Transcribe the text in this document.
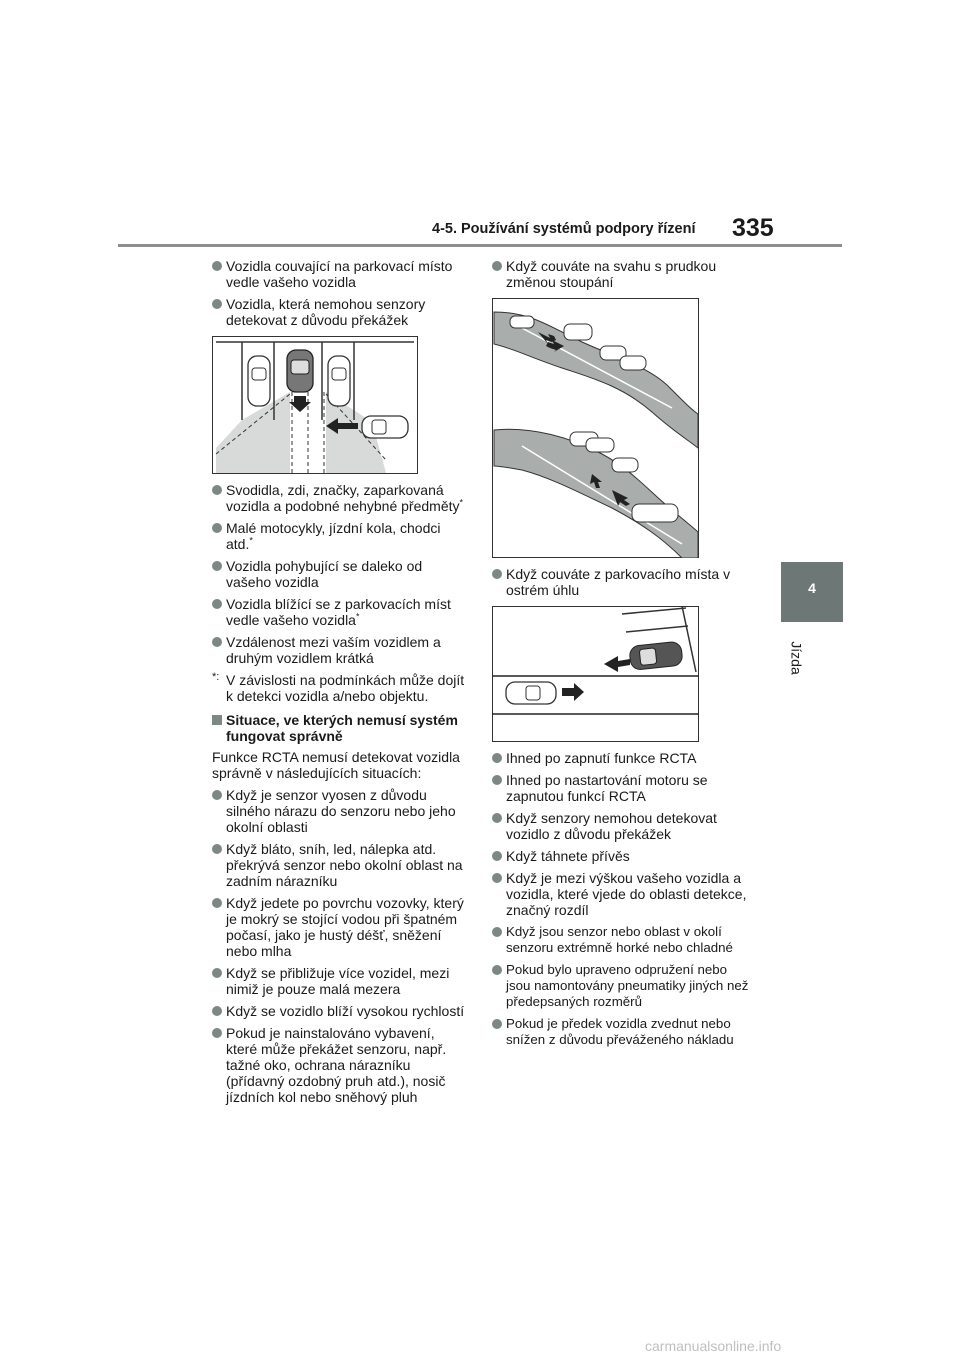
4-5. Používání systémů podpory řízení 335
4
Jízda
Vozidla couvající na parkovací místo vedle vašeho vozidla
Vozidla, která nemohou senzory detekovat z důvodu překážek
Svodidla, zdi, značky, zaparkovaná vozidla a podobné nehybné předměty*
Malé motocykly, jízdní kola, chodci atd.*
Vozidla pohybující se daleko od vašeho vozidla
Vozidla blížící se z parkovacích míst vedle vašeho vozidla*
Vzdálenost mezi vaším vozidlem a druhým vozidlem krátká
*: V závislosti na podmínkách může dojít k detekci vozidla a/nebo objektu.
Situace, ve kterých nemusí systém fungovat správně
Funkce RCTA nemusí detekovat vozidla správně v následujících situacích:
Když je senzor vyosen z důvodu silného nárazu do senzoru nebo jeho okolní oblasti
Když bláto, sníh, led, nálepka atd. překrývá senzor nebo okolní oblast na zadním nárazníku
Když jedete po povrchu vozovky, který je mokrý se stojící vodou při špatném počasí, jako je hustý déšť, sněžení nebo mlha
Když se přibližuje více vozidel, mezi nimiž je pouze malá mezera
Když se vozidlo blíží vysokou rychlostí
Pokud je nainstalováno vybavení, které může překážet senzoru, např. tažné oko, ochrana nárazníku (přídavný ozdobný pruh atd.), nosič jízdních kol nebo sněhový pluh
Když couváte na svahu s prudkou změnou stoupání
Když couváte z parkovacího místa v ostrém úhlu
Ihned po zapnutí funkce RCTA
Ihned po nastartování motoru se zapnutou funkcí RCTA
Když senzory nemohou detekovat vozidlo z důvodu překážek
Když táhnete přívěs
Když je mezi výškou vašeho vozidla a vozidla, které vjede do oblasti detekce, značný rozdíl
Když jsou senzor nebo oblast v okolí senzoru extrémně horké nebo chladné
Pokud bylo upraveno odpružení nebo jsou namontovány pneumatiky jiných než předepsaných rozměrů
Pokud je předek vozidla zvednut nebo snížen z důvodu převáženého nákladu
carmanualsonline.info
